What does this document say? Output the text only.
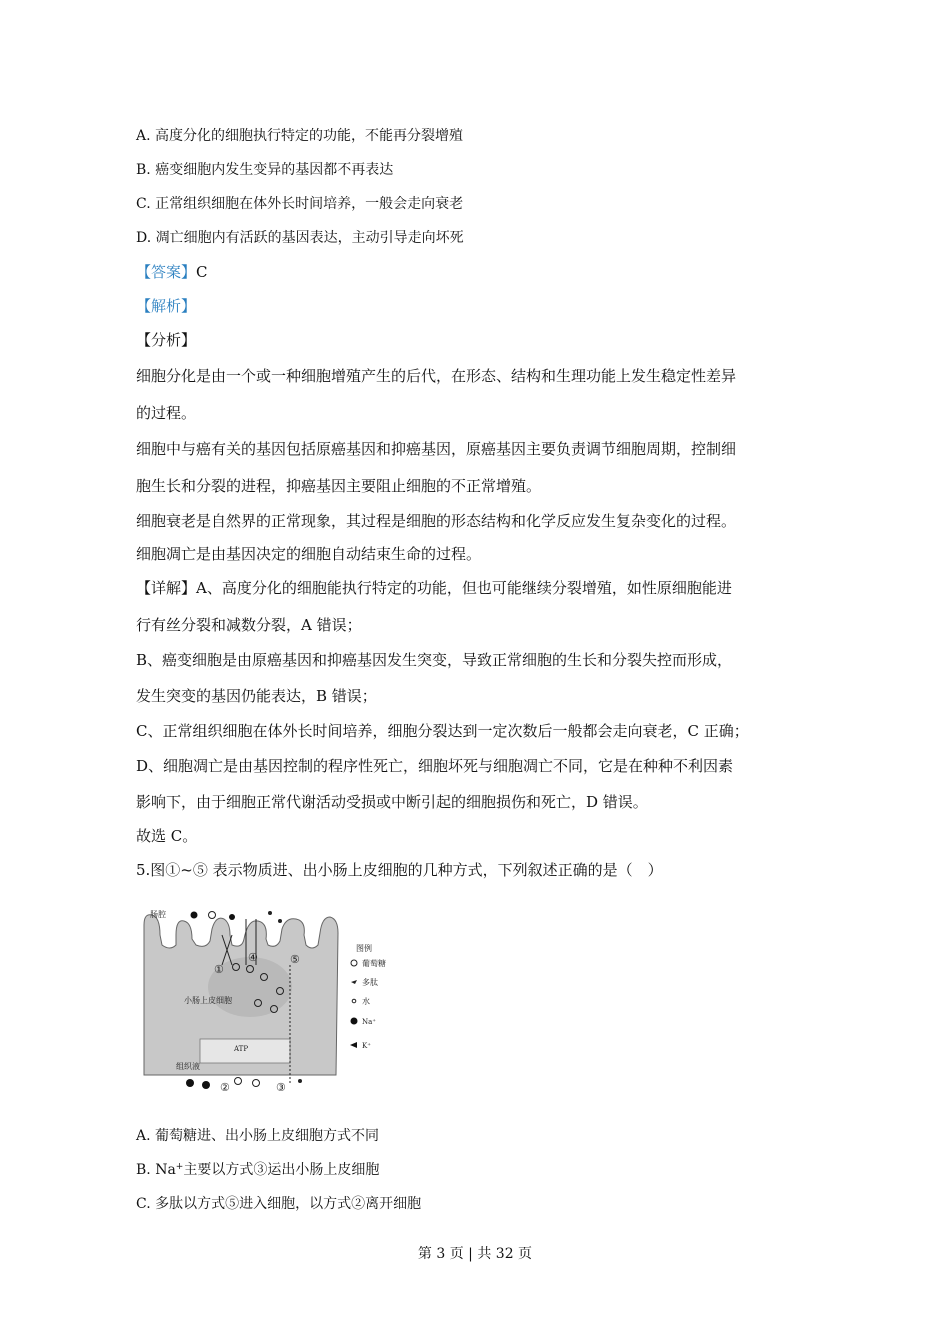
A. 高度分化的细胞执行特定的功能，不能再分裂增殖
B. 癌变细胞内发生变异的基因都不再表达
C. 正常组织细胞在体外长时间培养，一般会走向衰老
D. 凋亡细胞内有活跃的基因表达，主动引导走向坏死
【答案】C
【解析】
【分析】
细胞分化是由一个或一种细胞增殖产生的后代，在形态、结构和生理功能上发生稳定性差异
的过程。
细胞中与癌有关的基因包括原癌基因和抑癌基因，原癌基因主要负责调节细胞周期，控制细
胞生长和分裂的进程，抑癌基因主要阻止细胞的不正常增殖。
细胞衰老是自然界的正常现象，其过程是细胞的形态结构和化学反应发生复杂变化的过程。
细胞凋亡是由基因决定的细胞自动结束生命的过程。
【详解】A、高度分化的细胞能执行特定的功能，但也可能继续分裂增殖，如性原细胞能进
行有丝分裂和减数分裂，A 错误；
B、癌变细胞是由原癌基因和抑癌基因发生突变，导致正常细胞的生长和分裂失控而形成，
发生突变的基因仍能表达，B 错误；
C、正常组织细胞在体外长时间培养，细胞分裂达到一定次数后一般都会走向衰老，C 正确；
D、细胞凋亡是由基因控制的程序性死亡，细胞坏死与细胞凋亡不同，它是在种种不利因素
影响下，由于细胞正常代谢活动受损或中断引起的细胞损伤和死亡，D 错误。
故选 C。
5.图①~⑤ 表示物质进、出小肠上皮细胞的几种方式，下列叙述正确的是（　）
肠腔
小肠上皮细胞
组织液
ATP
①
②	③
④	⑤
图例
葡萄糖
多肽
水
Na⁺
K⁺
A. 葡萄糖进、出小肠上皮细胞方式不同
B. Na+主要以方式③运出小肠上皮细胞
C. 多肽以方式⑤进入细胞，以方式②离开细胞
第 3 页 | 共 32 页
